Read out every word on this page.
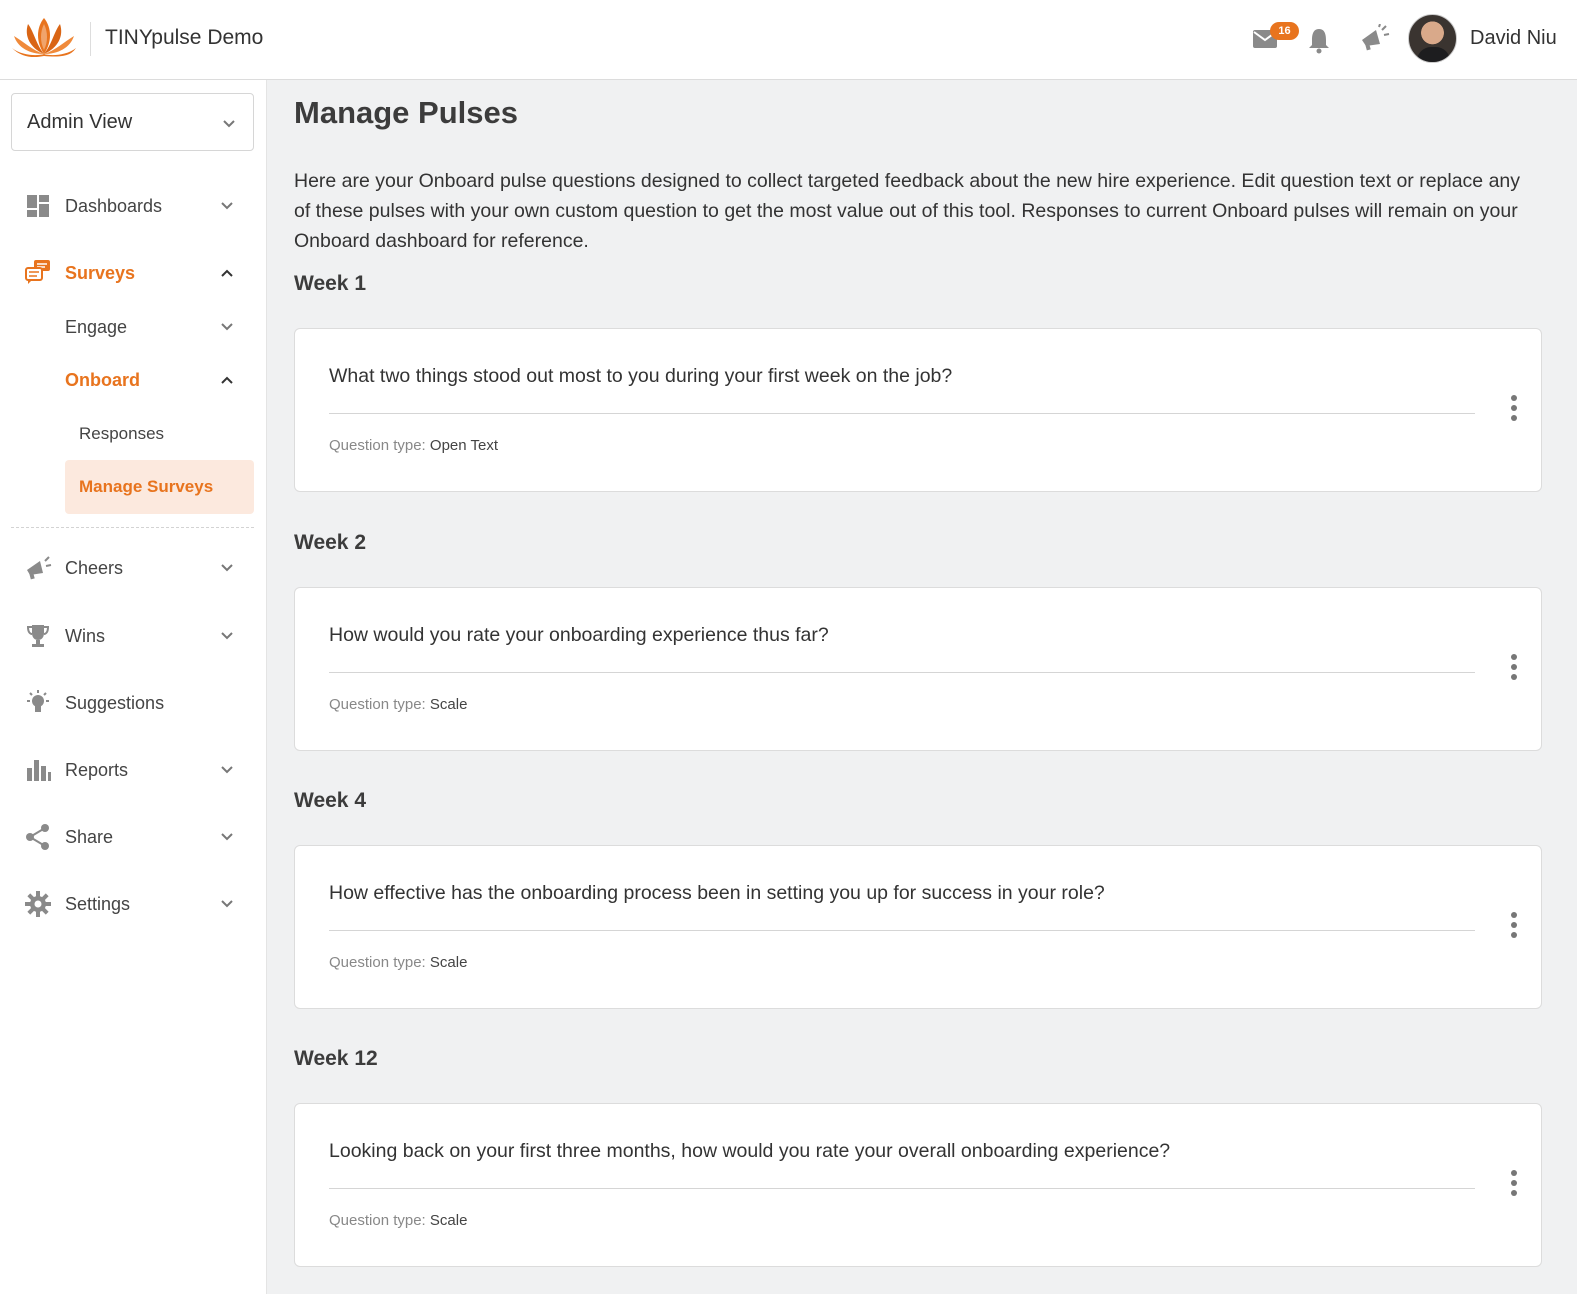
TINYpulse Demo	16	David Niu
Admin View
Dashboards
Surveys
Engage
Onboard
Responses
Manage Surveys
Cheers
Wins
Suggestions
Reports
Share
Settings
Manage Pulses
Here are your Onboard pulse questions designed to collect targeted feedback about the new hire experience. Edit question text or replace any of these pulses with your own custom question to get the most value out of this tool. Responses to current Onboard pulses will remain on your Onboard dashboard for reference.
Week 1
What two things stood out most to you during your first week on the job?
Question type: Open Text
Week 2
How would you rate your onboarding experience thus far?
Question type: Scale
Week 4
How effective has the onboarding process been in setting you up for success in your role?
Question type: Scale
Week 12
Looking back on your first three months, how would you rate your overall onboarding experience?
Question type: Scale
